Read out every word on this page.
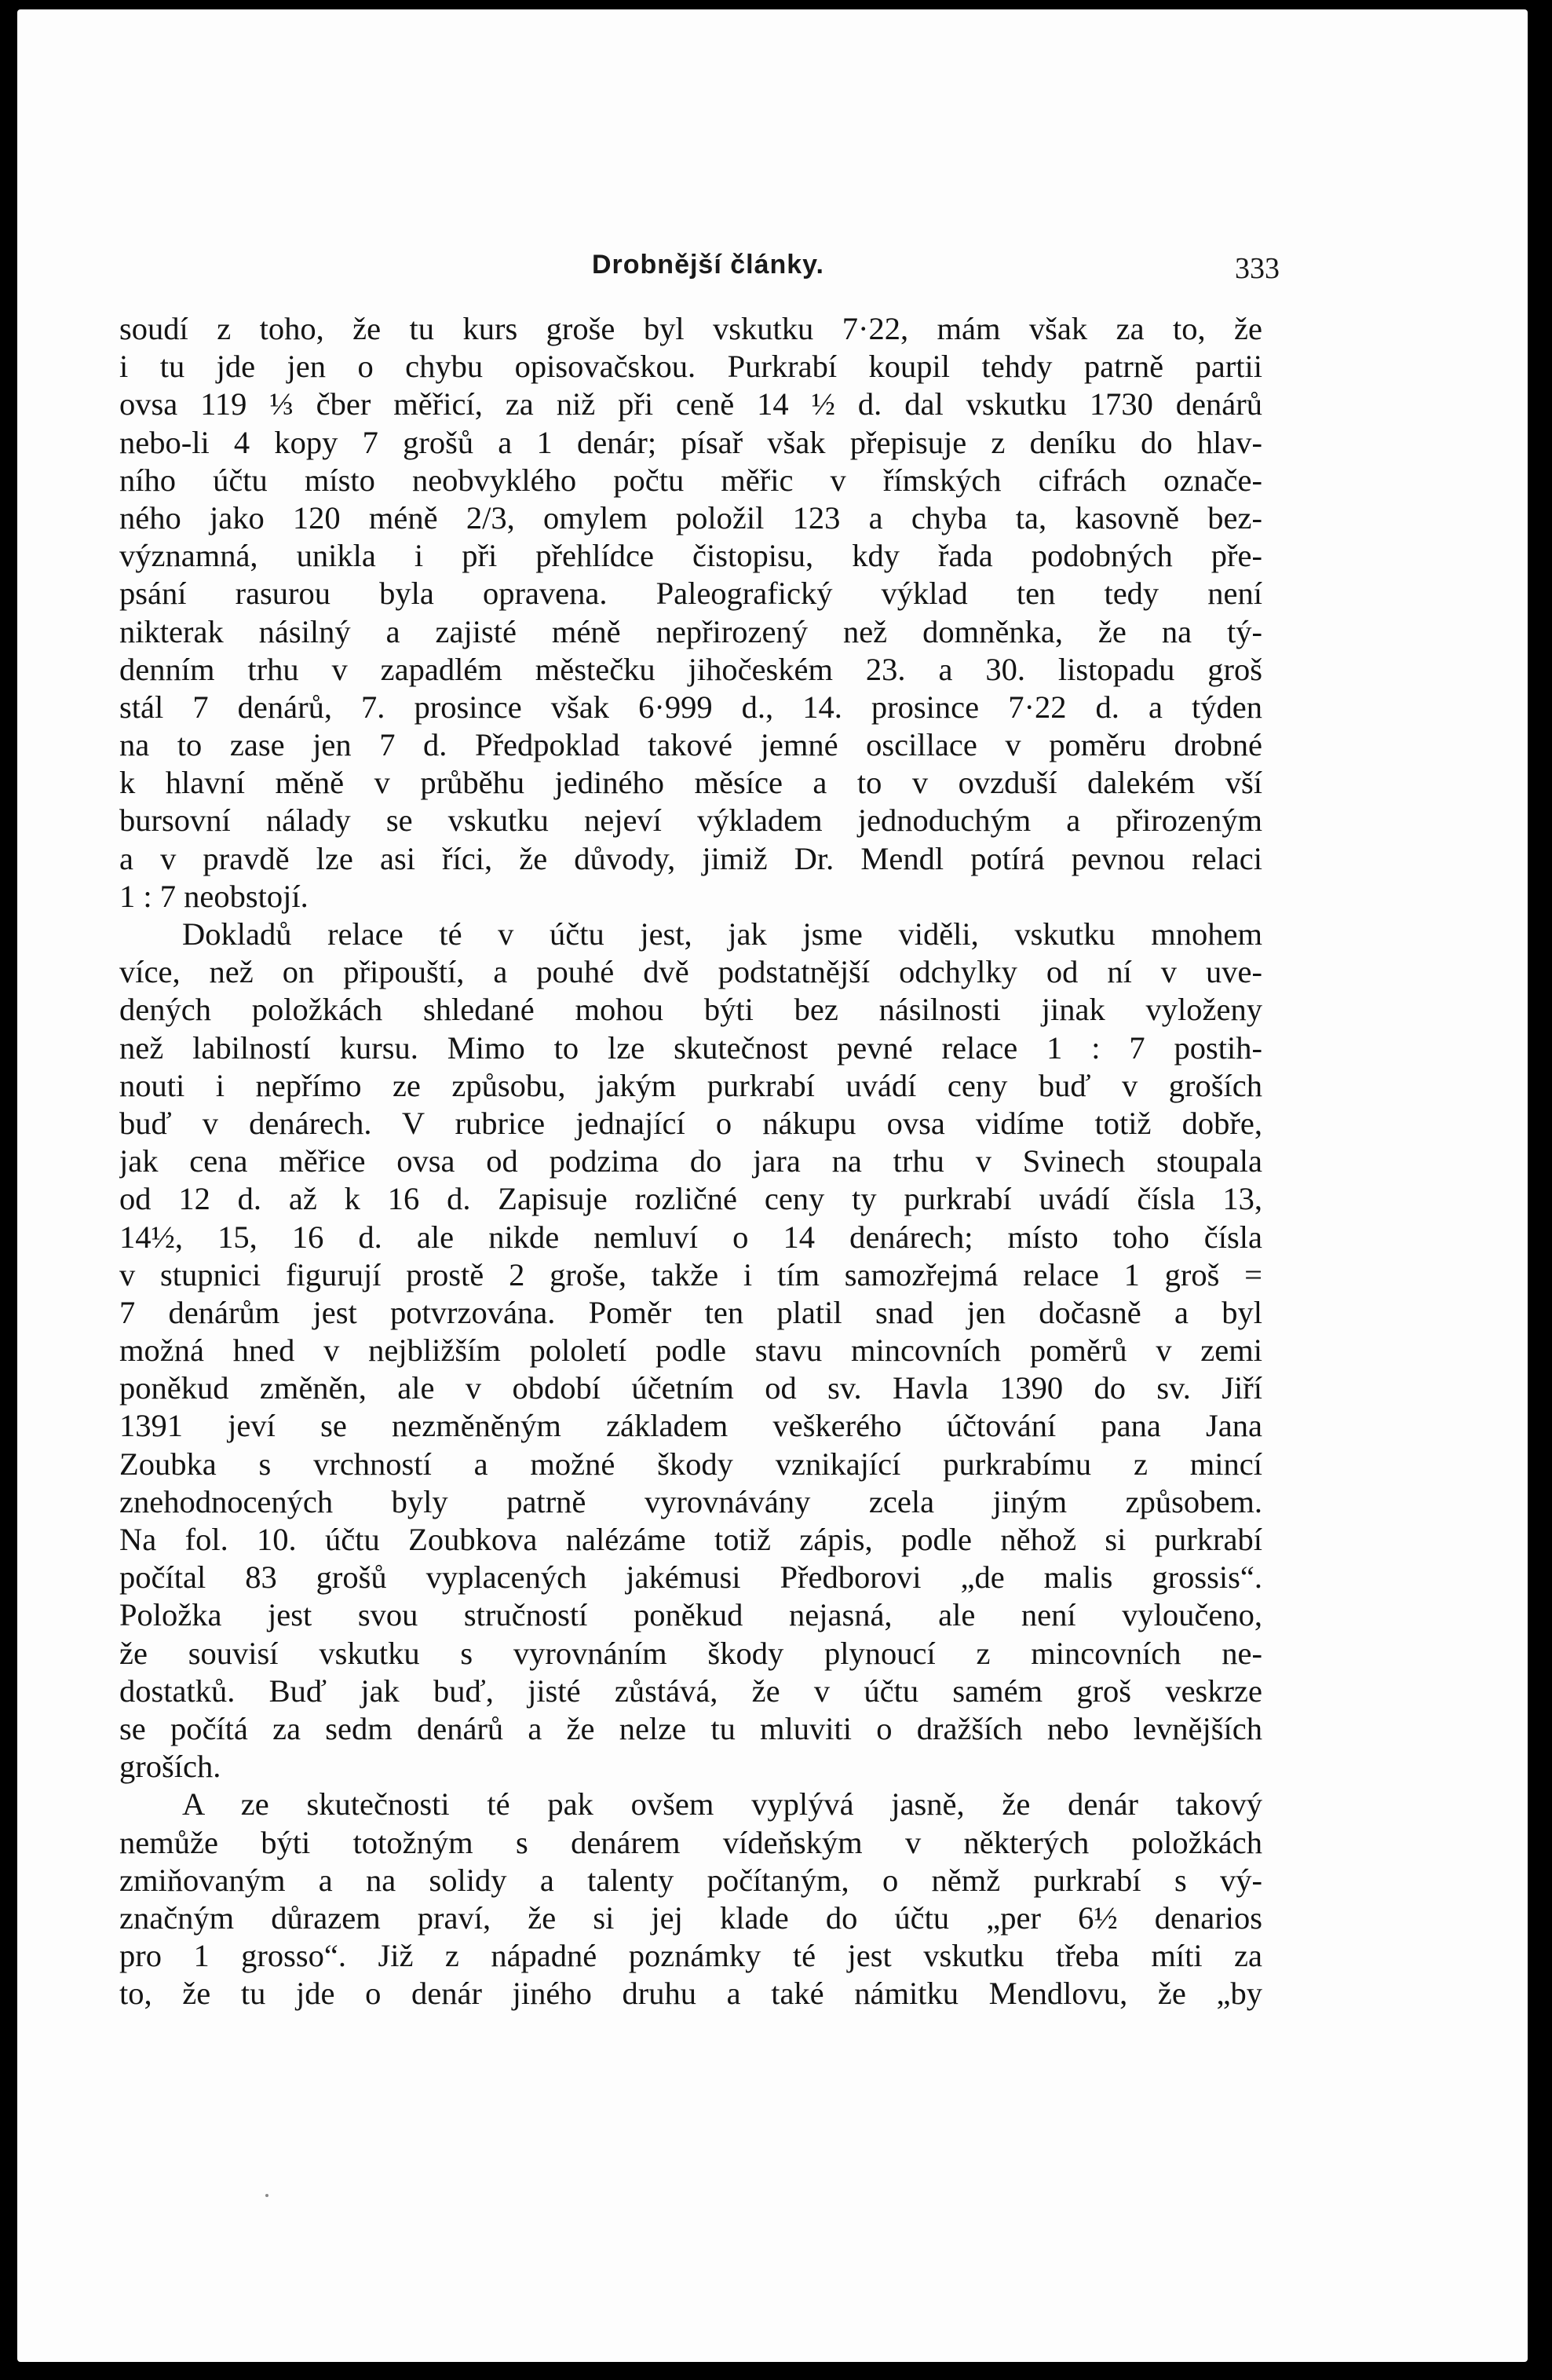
Drobnější články.	333
soudí z toho, že tu kurs groše byl vskutku 7·22, mám však za to, že
i tu jde jen o chybu opisovačskou. Purkrabí koupil tehdy patrně partii
ovsa 119 ⅓ čber měřicí, za niž při ceně 14 ½ d. dal vskutku 1730 denárů
nebo-li 4 kopy 7 grošů a 1 denár; písař však přepisuje z deníku do hlav-
ního účtu místo neobvyklého počtu měřic v římských cifrách označe-
ného jako 120 méně 2/3, omylem položil 123 a chyba ta, kasovně bez-
významná, unikla i při přehlídce čistopisu, kdy řada podobných pře-
psání rasurou byla opravena. Paleografický výklad ten tedy není
nikterak násilný a zajisté méně nepřirozený než domněnka, že na tý-
denním trhu v zapadlém městečku jihočeském 23. a 30. listopadu groš
stál 7 denárů, 7. prosince však 6·999 d., 14. prosince 7·22 d. a týden
na to zase jen 7 d. Předpoklad takové jemné oscillace v poměru drobné
k hlavní měně v průběhu jediného měsíce a to v ovzduší dalekém vší
bursovní nálady se vskutku nejeví výkladem jednoduchým a přirozeným
a v pravdě lze asi říci, že důvody, jimiž Dr. Mendl potírá pevnou relaci
1 : 7 neobstojí.
Dokladů relace té v účtu jest, jak jsme viděli, vskutku mnohem
více, než on připouští, a pouhé dvě podstatnější odchylky od ní v uve-
dených položkách shledané mohou býti bez násilnosti jinak vyloženy
než labilností kursu. Mimo to lze skutečnost pevné relace 1 : 7 postih-
nouti i nepřímo ze způsobu, jakým purkrabí uvádí ceny buď v groších
buď v denárech. V rubrice jednající o nákupu ovsa vidíme totiž dobře,
jak cena měřice ovsa od podzima do jara na trhu v Svinech stoupala
od 12 d. až k 16 d. Zapisuje rozličné ceny ty purkrabí uvádí čísla 13,
14½, 15, 16 d. ale nikde nemluví o 14 denárech; místo toho čísla
v stupnici figurují prostě 2 groše, takže i tím samozřejmá relace 1 groš =
7 denárům jest potvrzována. Poměr ten platil snad jen dočasně a byl
možná hned v nejbližším pololetí podle stavu mincovních poměrů v zemi
poněkud změněn, ale v období účetním od sv. Havla 1390 do sv. Jiří
1391 jeví se nezměněným základem veškerého účtování pana Jana
Zoubka s vrchností a možné škody vznikající purkrabímu z mincí
znehodnocených byly patrně vyrovnávány zcela jiným způsobem.
Na fol. 10. účtu Zoubkova nalézáme totiž zápis, podle něhož si purkrabí
počítal 83 grošů vyplacených jakémusi Předborovi „de malis grossis“.
Položka jest svou stručností poněkud nejasná, ale není vyloučeno,
že souvisí vskutku s vyrovnáním škody plynoucí z mincovních ne-
dostatků. Buď jak buď, jisté zůstává, že v účtu samém groš veskrze
se počítá za sedm denárů a že nelze tu mluviti o dražších nebo levnějších
groších.
A ze skutečnosti té pak ovšem vyplývá jasně, že denár takový
nemůže býti totožným s denárem vídeňským v některých položkách
zmiňovaným a na solidy a talenty počítaným, o němž purkrabí s vý-
značným důrazem praví, že si jej klade do účtu „per 6½ denarios
pro 1 grosso“. Již z nápadné poznámky té jest vskutku třeba míti za
to, že tu jde o denár jiného druhu a také námitku Mendlovu, že „by
